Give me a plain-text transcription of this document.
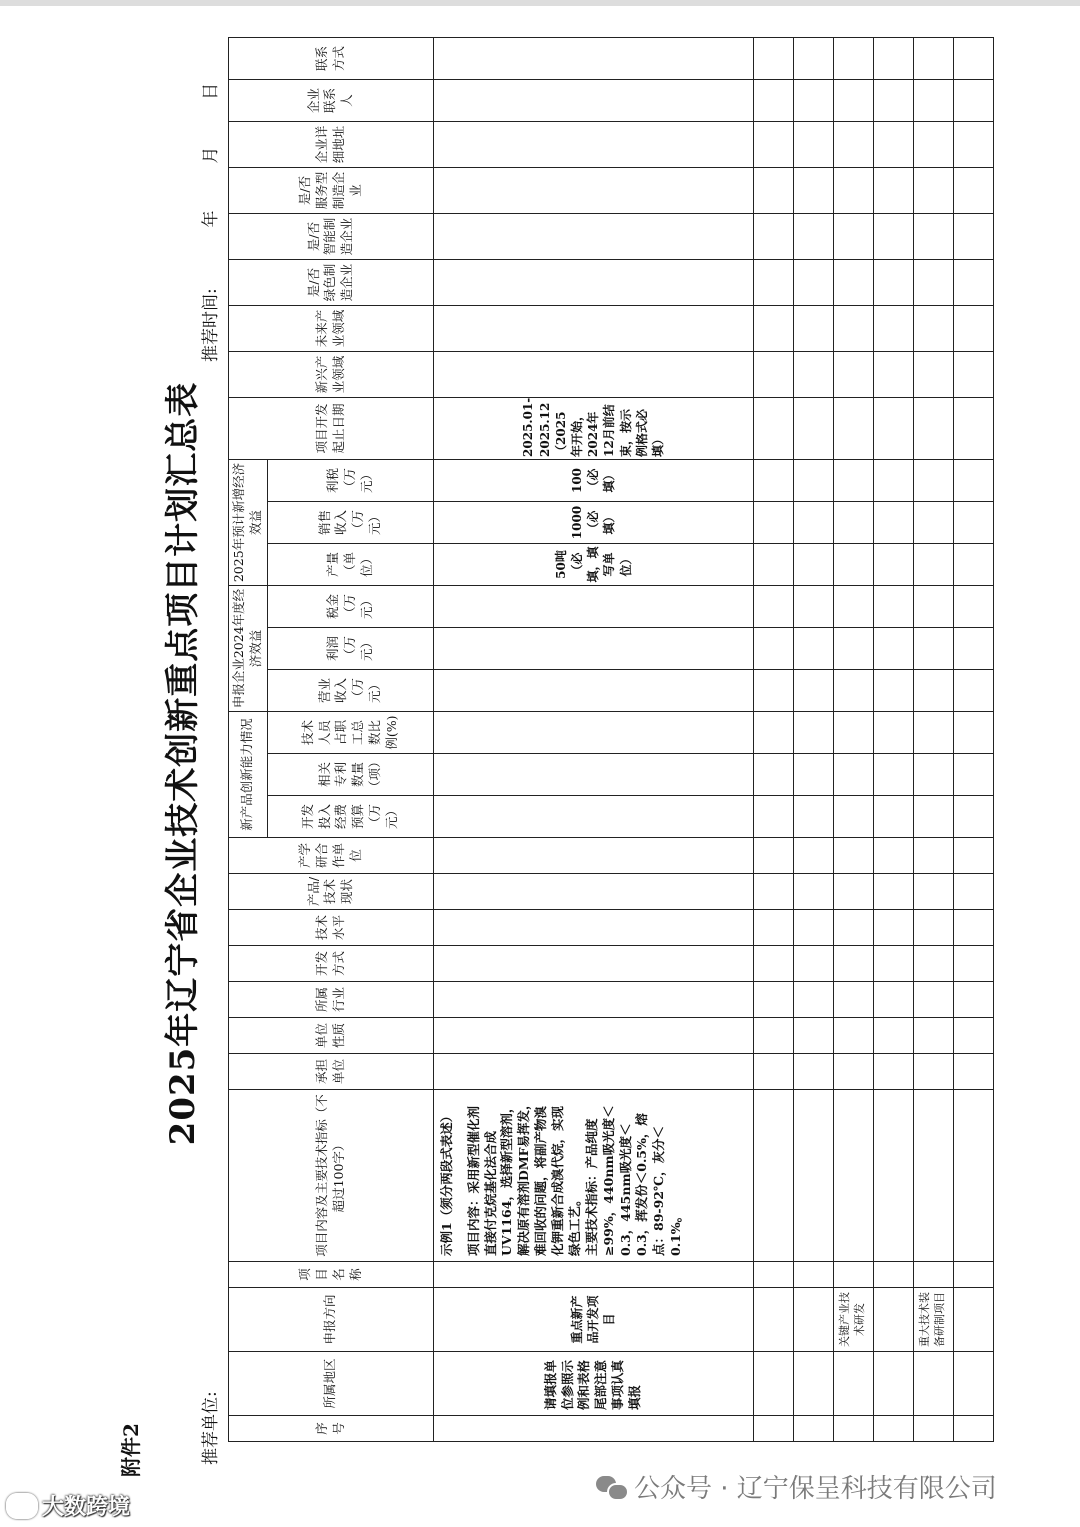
附件2
2025年辽宁省企业技术创新重点项目计划汇总表
推荐单位:
推荐时间:  年  月  日
序号	所属地区	申报方向	项目名称	项目内容及主要技术指标（不超过100字）	承担单位	单位性质	所属行业	开发方式	技术水平	产品/技术现状	产学研合作单位	新产品创新能力情况			申报企业2024年度经济效益			2025年预计新增经济效益			项目开发起止日期	新兴产业领域	未来产业领域	是/否绿色制造企业	是/否智能制造企业	是/否服务型制造企业	企业详细地址	企业联系人	联系方式
												开发投入经费预算（万元）	相关专利数量（项）	技术人员占职工总数比例(%)	营业收入（万元）	利润（万元）	税金（万元）	产量（单位）	销售收入（万元）	利税（万元）									
	请填报单位参照示例和表格尾部注意事项认真填报	重点新产品开发项目		示例1（须分两段式表述） 项目内容：采用新型催化剂直接付克烷基化法合成UV1164，选择新型溶剂，解决原有溶剂DMF易挥发，难回收的问题，将副产物溴化钾重新合成溴代烷，实现绿色工艺。 主要技术指标：产品纯度≥99%，440nm吸光度＜0.3，445nm吸光度＜0.3，挥发份＜0.5%，熔点：89-92℃，灰分＜0.1%。														50吨（必填，填写单位）	1000（必填）	100（必填）	2025.01-2025.12（2025年开始，2024年12月前结束，按示例格式必填）								

		关键产业技术研发																											

		重大技术装备研制项目																											

公众号 · 辽宁保呈科技有限公司
大数跨境
